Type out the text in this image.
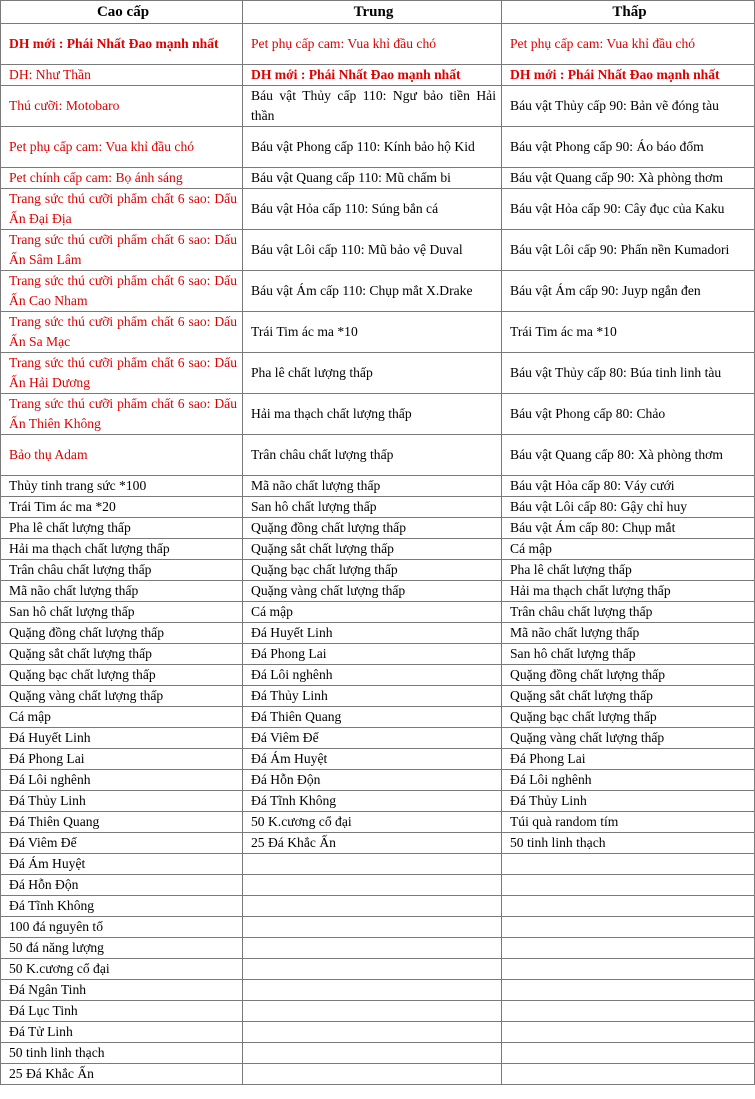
Cao cấp	Trung	Thấp
DH mới : Phái Nhất Đao mạnh nhất	Pet phụ cấp cam: Vua khỉ đầu chó	Pet phụ cấp cam: Vua khỉ đầu chó
DH: Như Thần	DH mới : Phái Nhất Đao mạnh nhất	DH mới : Phái Nhất Đao mạnh nhất
Thú cưỡi: Motobaro	Báu vật Thủy cấp 110: Ngư bảo tiền Hải thần	Báu vật Thủy cấp 90: Bản vẽ đóng tàu
Pet phụ cấp cam: Vua khỉ đầu chó	Báu vật Phong cấp 110: Kính bảo hộ Kid	Báu vật Phong cấp 90: Áo báo đốm
Pet chính cấp cam: Bọ ánh sáng	Báu vật Quang cấp 110: Mũ chấm bi	Báu vật Quang cấp 90: Xà phòng thơm
Trang sức thú cưỡi phẩm chất 6 sao: Dấu Ấn Đại Địa	Báu vật Hỏa cấp 110: Súng bắn cá	Báu vật Hỏa cấp 90: Cây đục của Kaku
Trang sức thú cưỡi phẩm chất 6 sao: Dấu Ấn Sâm Lâm	Báu vật Lôi cấp 110: Mũ bảo vệ Duval	Báu vật Lôi cấp 90: Phấn nền Kumadori
Trang sức thú cưỡi phẩm chất 6 sao: Dấu Ấn Cao Nham	Báu vật Ám cấp 110: Chụp mắt X.Drake	Báu vật Ám cấp 90: Juyp ngắn đen
Trang sức thú cưỡi phẩm chất 6 sao: Dấu Ấn Sa Mạc	Trái Tim ác ma *10	Trái Tim ác ma *10
Trang sức thú cưỡi phẩm chất 6 sao: Dấu Ấn Hải Dương	Pha lê chất lượng thấp	Báu vật Thủy cấp 80: Búa tinh linh tàu
Trang sức thú cưỡi phẩm chất 6 sao: Dấu Ấn Thiên Không	Hải ma thạch chất lượng thấp	Báu vật Phong cấp 80: Chảo
Bảo thụ Adam	Trân châu chất lượng thấp	Báu vật Quang cấp 80: Xà phòng thơm
Thủy tinh trang sức *100	Mã não chất lượng thấp	Báu vật Hỏa cấp 80: Váy cưới
Trái Tim ác ma *20	San hô chất lượng thấp	Báu vật Lôi cấp 80: Gậy chỉ huy
Pha lê chất lượng thấp	Quặng đồng chất lượng thấp	Báu vật Ám cấp 80: Chụp mắt
Hải ma thạch chất lượng thấp	Quặng sắt chất lượng thấp	Cá mập
Trân châu chất lượng thấp	Quặng bạc chất lượng thấp	Pha lê chất lượng thấp
Mã não chất lượng thấp	Quặng vàng chất lượng thấp	Hải ma thạch chất lượng thấp
San hô chất lượng thấp	Cá mập	Trân châu chất lượng thấp
Quặng đồng chất lượng thấp	Đá Huyết Linh	Mã não chất lượng thấp
Quặng sắt chất lượng thấp	Đá Phong Lai	San hô chất lượng thấp
Quặng bạc chất lượng thấp	Đá Lôi nghênh	Quặng đồng chất lượng thấp
Quặng vàng chất lượng thấp	Đá Thủy Linh	Quặng sắt chất lượng thấp
Cá mập	Đá Thiên Quang	Quặng bạc chất lượng thấp
Đá Huyết Linh	Đá Viêm Đế	Quặng vàng chất lượng thấp
Đá Phong Lai	Đá Ám Huyệt	Đá Phong Lai
Đá Lôi nghênh	Đá Hỗn Độn	Đá Lôi nghênh
Đá Thủy Linh	Đá Tĩnh Không	Đá Thủy Linh
Đá Thiên Quang	50 K.cương cổ đại	Túi quà random tím
Đá Viêm Đế	25 Đá Khắc Ấn	50 tinh linh thạch
Đá Ám Huyệt		
Đá Hỗn Độn		
Đá Tĩnh Không		
100 đá nguyên tố		
50 đá năng lượng		
50 K.cương cổ đại		
Đá Ngân Tinh		
Đá Lục Tinh		
Đá Tử Linh		
50 tinh linh thạch		
25 Đá Khắc Ấn		
